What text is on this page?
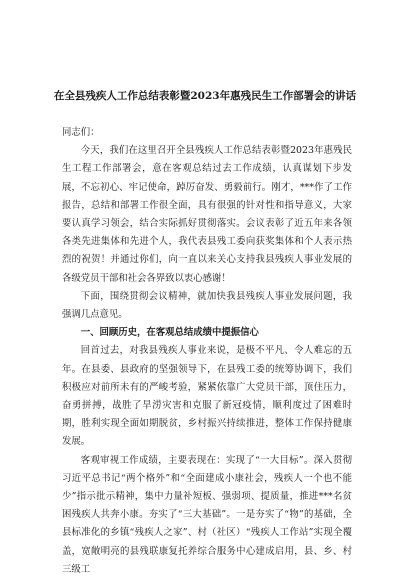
在全县残疾人工作总结表彰暨2023年惠残民生工作部署会的讲话

同志们：

今天，我们在这里召开全县残疾人工作总结表彰暨2023年惠残民生工程工作部署会，意在客观总结过去工作成绩，认真谋划下步发展，不忘初心、牢记使命，踔厉奋发、勇毅前行。刚才，***作了工作报告，总结和部署工作很全面，具有很强的针对性和指导意义，大家要认真学习领会，结合实际抓好贯彻落实。会议表彰了近五年来各领各类先进集体和先进个人，我代表县残工委向获奖集体和个人表示热烈的祝贺！并通过你们，向一直以来关心支持我县残疾人事业发展的各级党员干部和社会各界致以衷心感谢！

下面，围绕贯彻会议精神，就加快我县残疾人事业发展问题，我强调几点意见。

一、回顾历史，在客观总结成绩中提振信心

回首过去，对我县残疾人事业来说，是极不平凡、令人难忘的五年。在县委、县政府的坚强领导下，在县残工委的统筹协调下，我们积极应对前所未有的严峻考验，紧紧依靠广大党员干部，顶住压力，奋勇拼搏，战胜了旱涝灾害和克服了新冠疫情，顺利度过了困难时期，胜利实现全面如期脱贫，乡村振兴持续推进，整体工作保持健康发展。

客观审视工作成绩，主要表现在：实现了“一大目标”。深入贯彻习近平总书记“两个格外”和“全面建成小康社会，残疾人一个也不能少”指示批示精神，集中力量补短板、强弱项、提质量，推进***名贫困残疾人共奔小康。夯实了“三大基础”。一是夯实了“物”的基础，全县标准化的乡镇“残疾人之家”、村（社区）“残疾人工作站”实现全覆盖，宽敞明亮的县残联康复托养综合服务中心建成启用，县、乡、村三级工
